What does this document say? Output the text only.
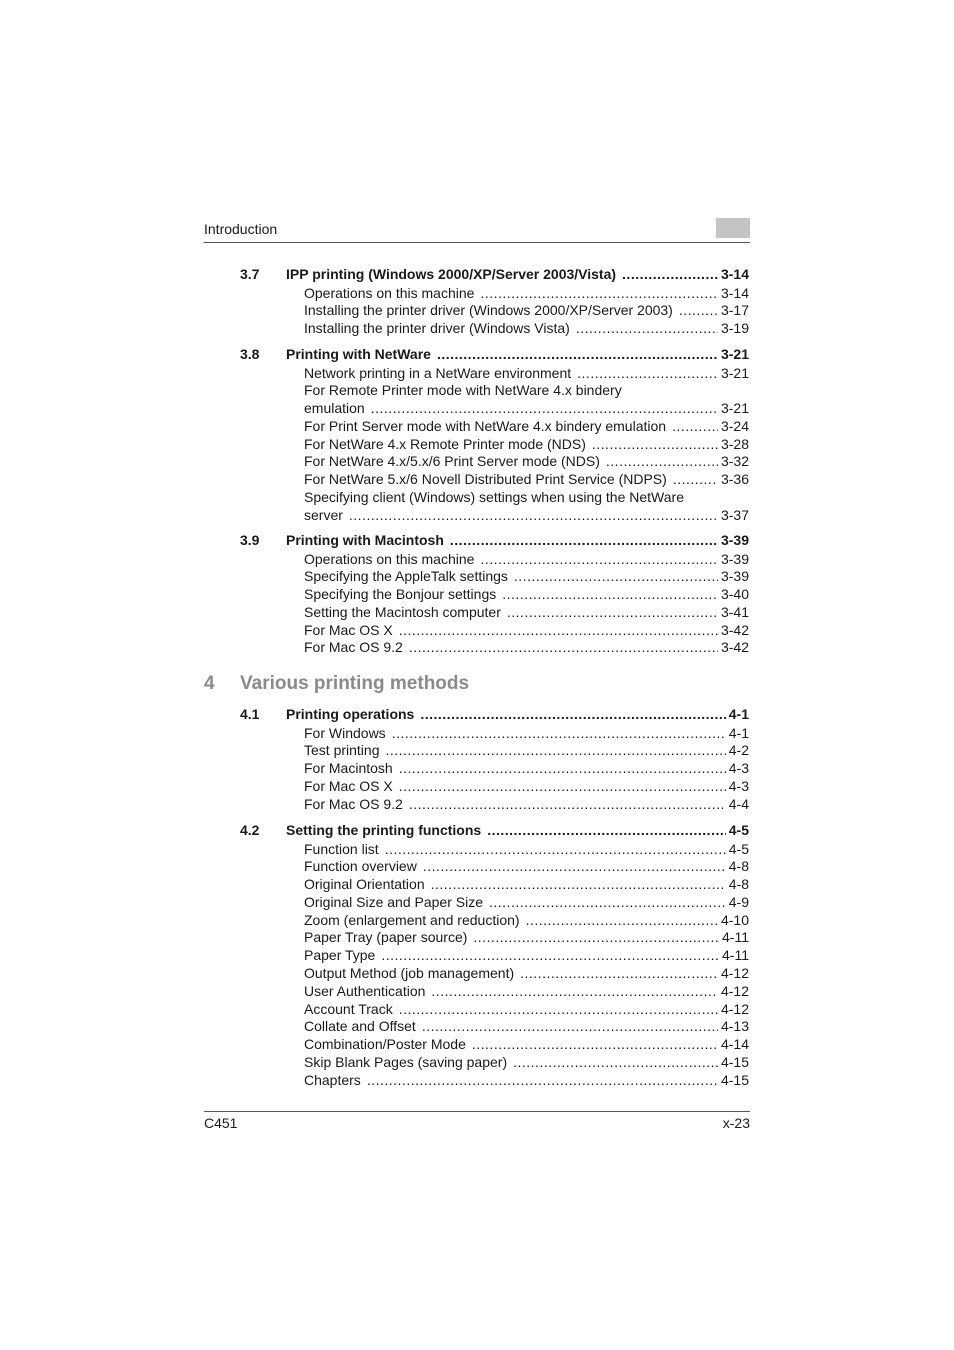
Introduction
3.7 IPP printing (Windows 2000/XP/Server 2003/Vista) .....	3-14
Operations on this machine .....	3-14
Installing the printer driver (Windows 2000/XP/Server 2003) .....	3-17
Installing the printer driver (Windows Vista) .....	3-19
3.8 Printing with NetWare .....	3-21
Network printing in a NetWare environment .....	3-21
For Remote Printer mode with NetWare 4.x bindery
emulation .....	3-21
For Print Server mode with NetWare 4.x bindery emulation .....	3-24
For NetWare 4.x Remote Printer mode (NDS) .....	3-28
For NetWare 4.x/5.x/6 Print Server mode (NDS) .....	3-32
For NetWare 5.x/6 Novell Distributed Print Service (NDPS) .....	3-36
Specifying client (Windows) settings when using the NetWare
server .....	3-37
3.9 Printing with Macintosh .....	3-39
Operations on this machine .....	3-39
Specifying the AppleTalk settings .....	3-39
Specifying the Bonjour settings .....	3-40
Setting the Macintosh computer .....	3-41
For Mac OS X .....	3-42
For Mac OS 9.2 .....	3-42
4 Various printing methods
4.1 Printing operations .....	4-1
For Windows .....	4-1
Test printing .....	4-2
For Macintosh .....	4-3
For Mac OS X .....	4-3
For Mac OS 9.2 .....	4-4
4.2 Setting the printing functions .....	4-5
Function list .....	4-5
Function overview .....	4-8
Original Orientation .....	4-8
Original Size and Paper Size .....	4-9
Zoom (enlargement and reduction) .....	4-10
Paper Tray (paper source) .....	4-11
Paper Type .....	4-11
Output Method (job management) .....	4-12
User Authentication .....	4-12
Account Track .....	4-12
Collate and Offset .....	4-13
Combination/Poster Mode .....	4-14
Skip Blank Pages (saving paper) .....	4-15
Chapters .....	4-15
C451	x-23
